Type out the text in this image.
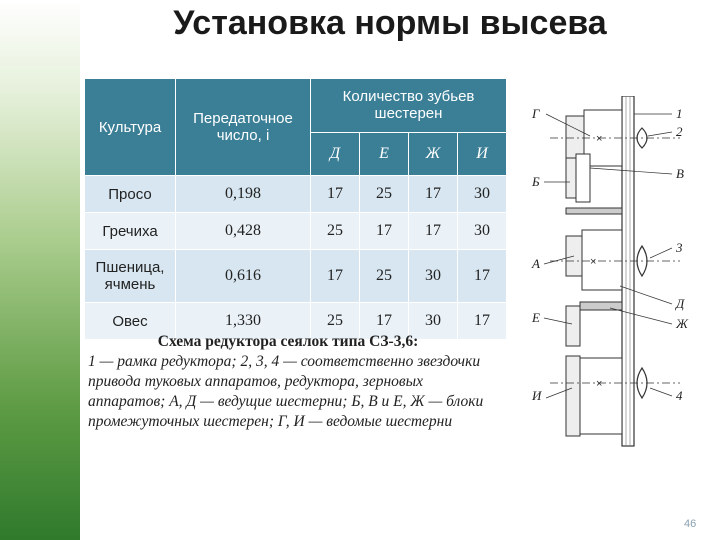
Установка нормы высева
Культура	Передаточное число, i	Количество зубьев шестерен			
		Д	Е	Ж	И
Просо	0,198	17	25	17	30
Гречиха	0,428	25	17	17	30
Пшеница, ячмень	0,616	17	25	30	17
Овес	1,330	25	17	30	17
Схема редуктора сеялок типа СЗ-3,6:
1 — рамка редуктора; 2, 3, 4 — соответственно звездочки привода туковых аппаратов, редуктора, зерновых аппаратов; А, Д — ведущие шестерни; Б, В и Е, Ж — блоки промежуточных шестерен; Г, И — ведомые шестерни
×
×
×
Г
Б
А
Е
И
1
2
В
3
Д
Ж
4
46
